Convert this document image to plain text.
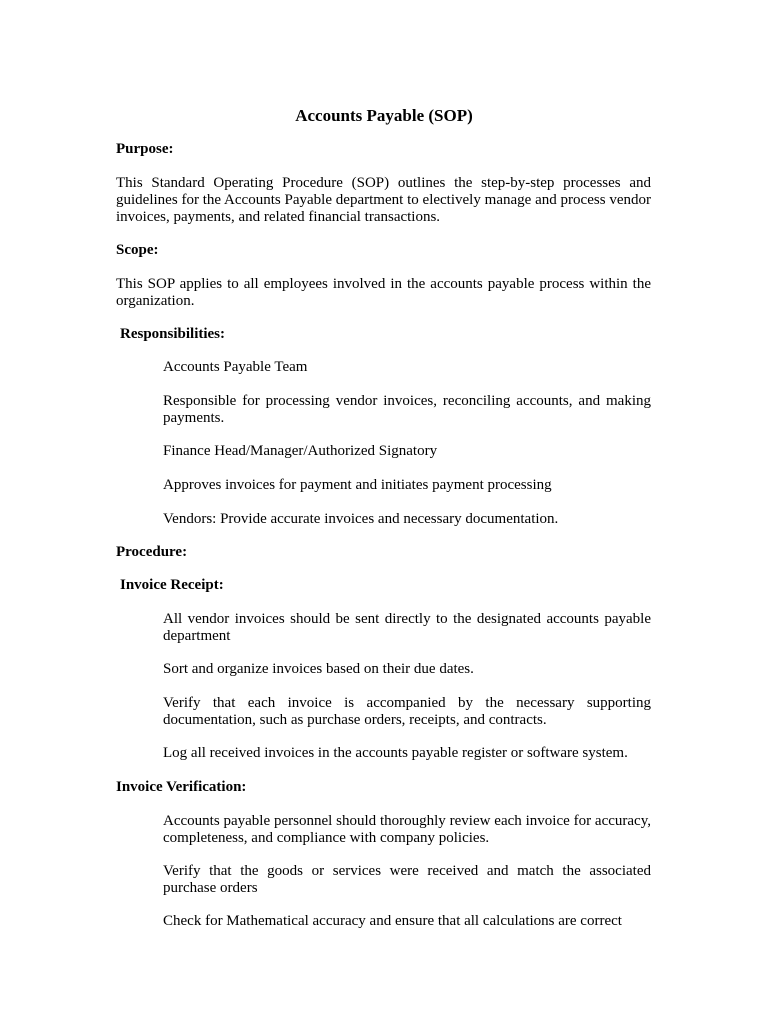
Accounts Payable (SOP)

Purpose:

This Standard Operating Procedure (SOP) outlines the step-by-step processes and guidelines for the Accounts Payable department to electively manage and process vendor invoices, payments, and related financial transactions.

Scope:

This SOP applies to all employees involved in the accounts payable process within the organization.

Responsibilities:

Accounts Payable Team

Responsible for processing vendor invoices, reconciling accounts, and making payments.

Finance Head/Manager/Authorized Signatory

Approves invoices for payment and initiates payment processing

Vendors: Provide accurate invoices and necessary documentation.

Procedure:

Invoice Receipt:

All vendor invoices should be sent directly to the designated accounts payable department

Sort and organize invoices based on their due dates.

Verify that each invoice is accompanied by the necessary supporting documentation, such as purchase orders, receipts, and contracts.

Log all received invoices in the accounts payable register or software system.

Invoice Verification:

Accounts payable personnel should thoroughly review each invoice for accuracy, completeness, and compliance with company policies.

Verify that the goods or services were received and match the associated purchase orders

Check for Mathematical accuracy and ensure that all calculations are correct
